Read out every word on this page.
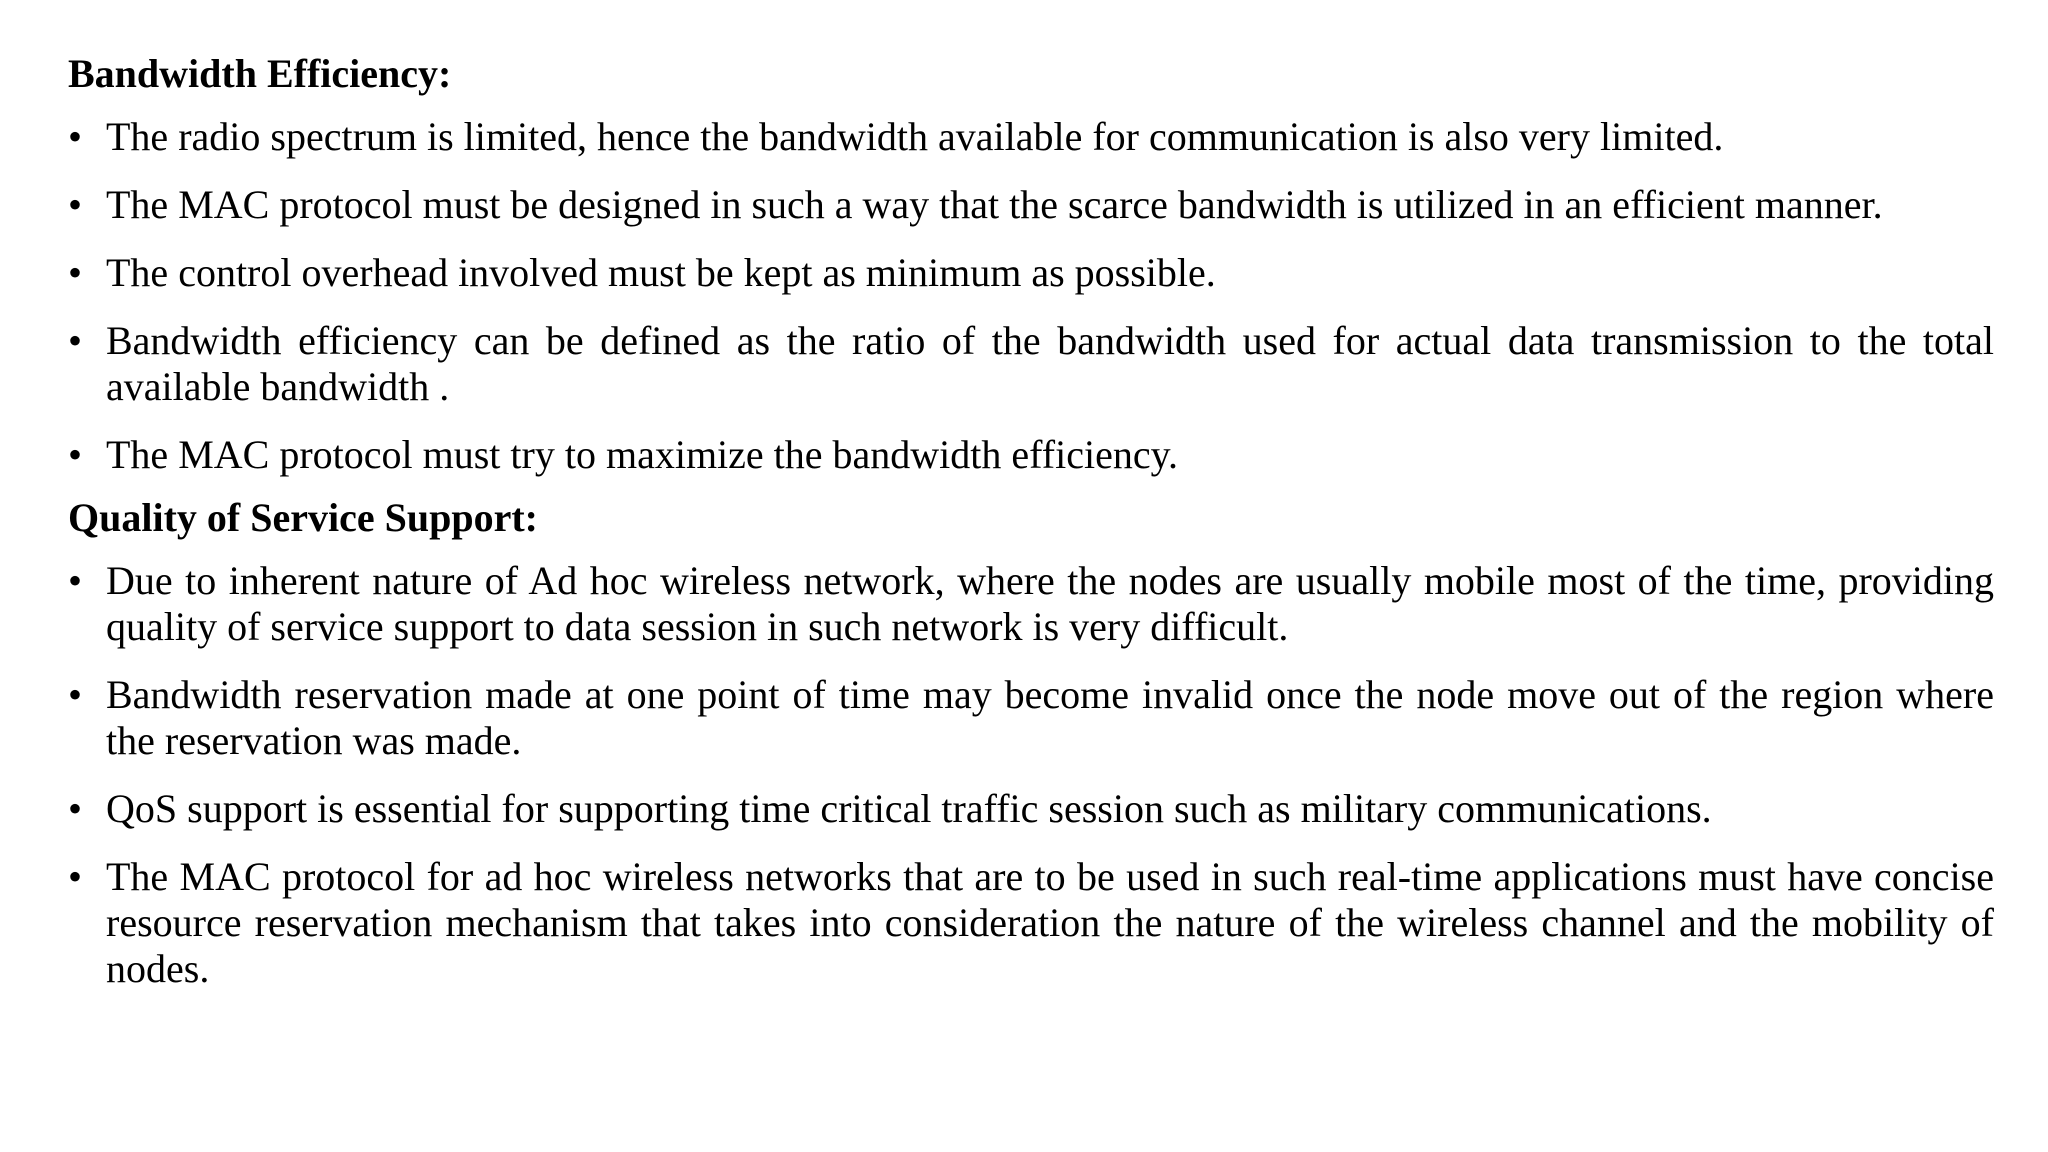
Bandwidth Efficiency:
• The radio spectrum is limited, hence the bandwidth available for communication is also very limited.
• The MAC protocol must be designed in such a way that the scarce bandwidth is utilized in an efficient manner.
• The control overhead involved must be kept as minimum as possible.
• Bandwidth efficiency can be defined as the ratio of the bandwidth used for actual data transmission to the total available bandwidth .
• The MAC protocol must try to maximize the bandwidth efficiency.
Quality of Service Support:
• Due to inherent nature of Ad hoc wireless network, where the nodes are usually mobile most of the time, providing quality of service support to data session in such network is very difficult.
• Bandwidth reservation made at one point of time may become invalid once the node move out of the region where the reservation was made.
• QoS support is essential for supporting time critical traffic session such as military communications.
• The MAC protocol for ad hoc wireless networks that are to be used in such real-time applications must have concise resource reservation mechanism that takes into consideration the nature of the wireless channel and the mobility of nodes.
